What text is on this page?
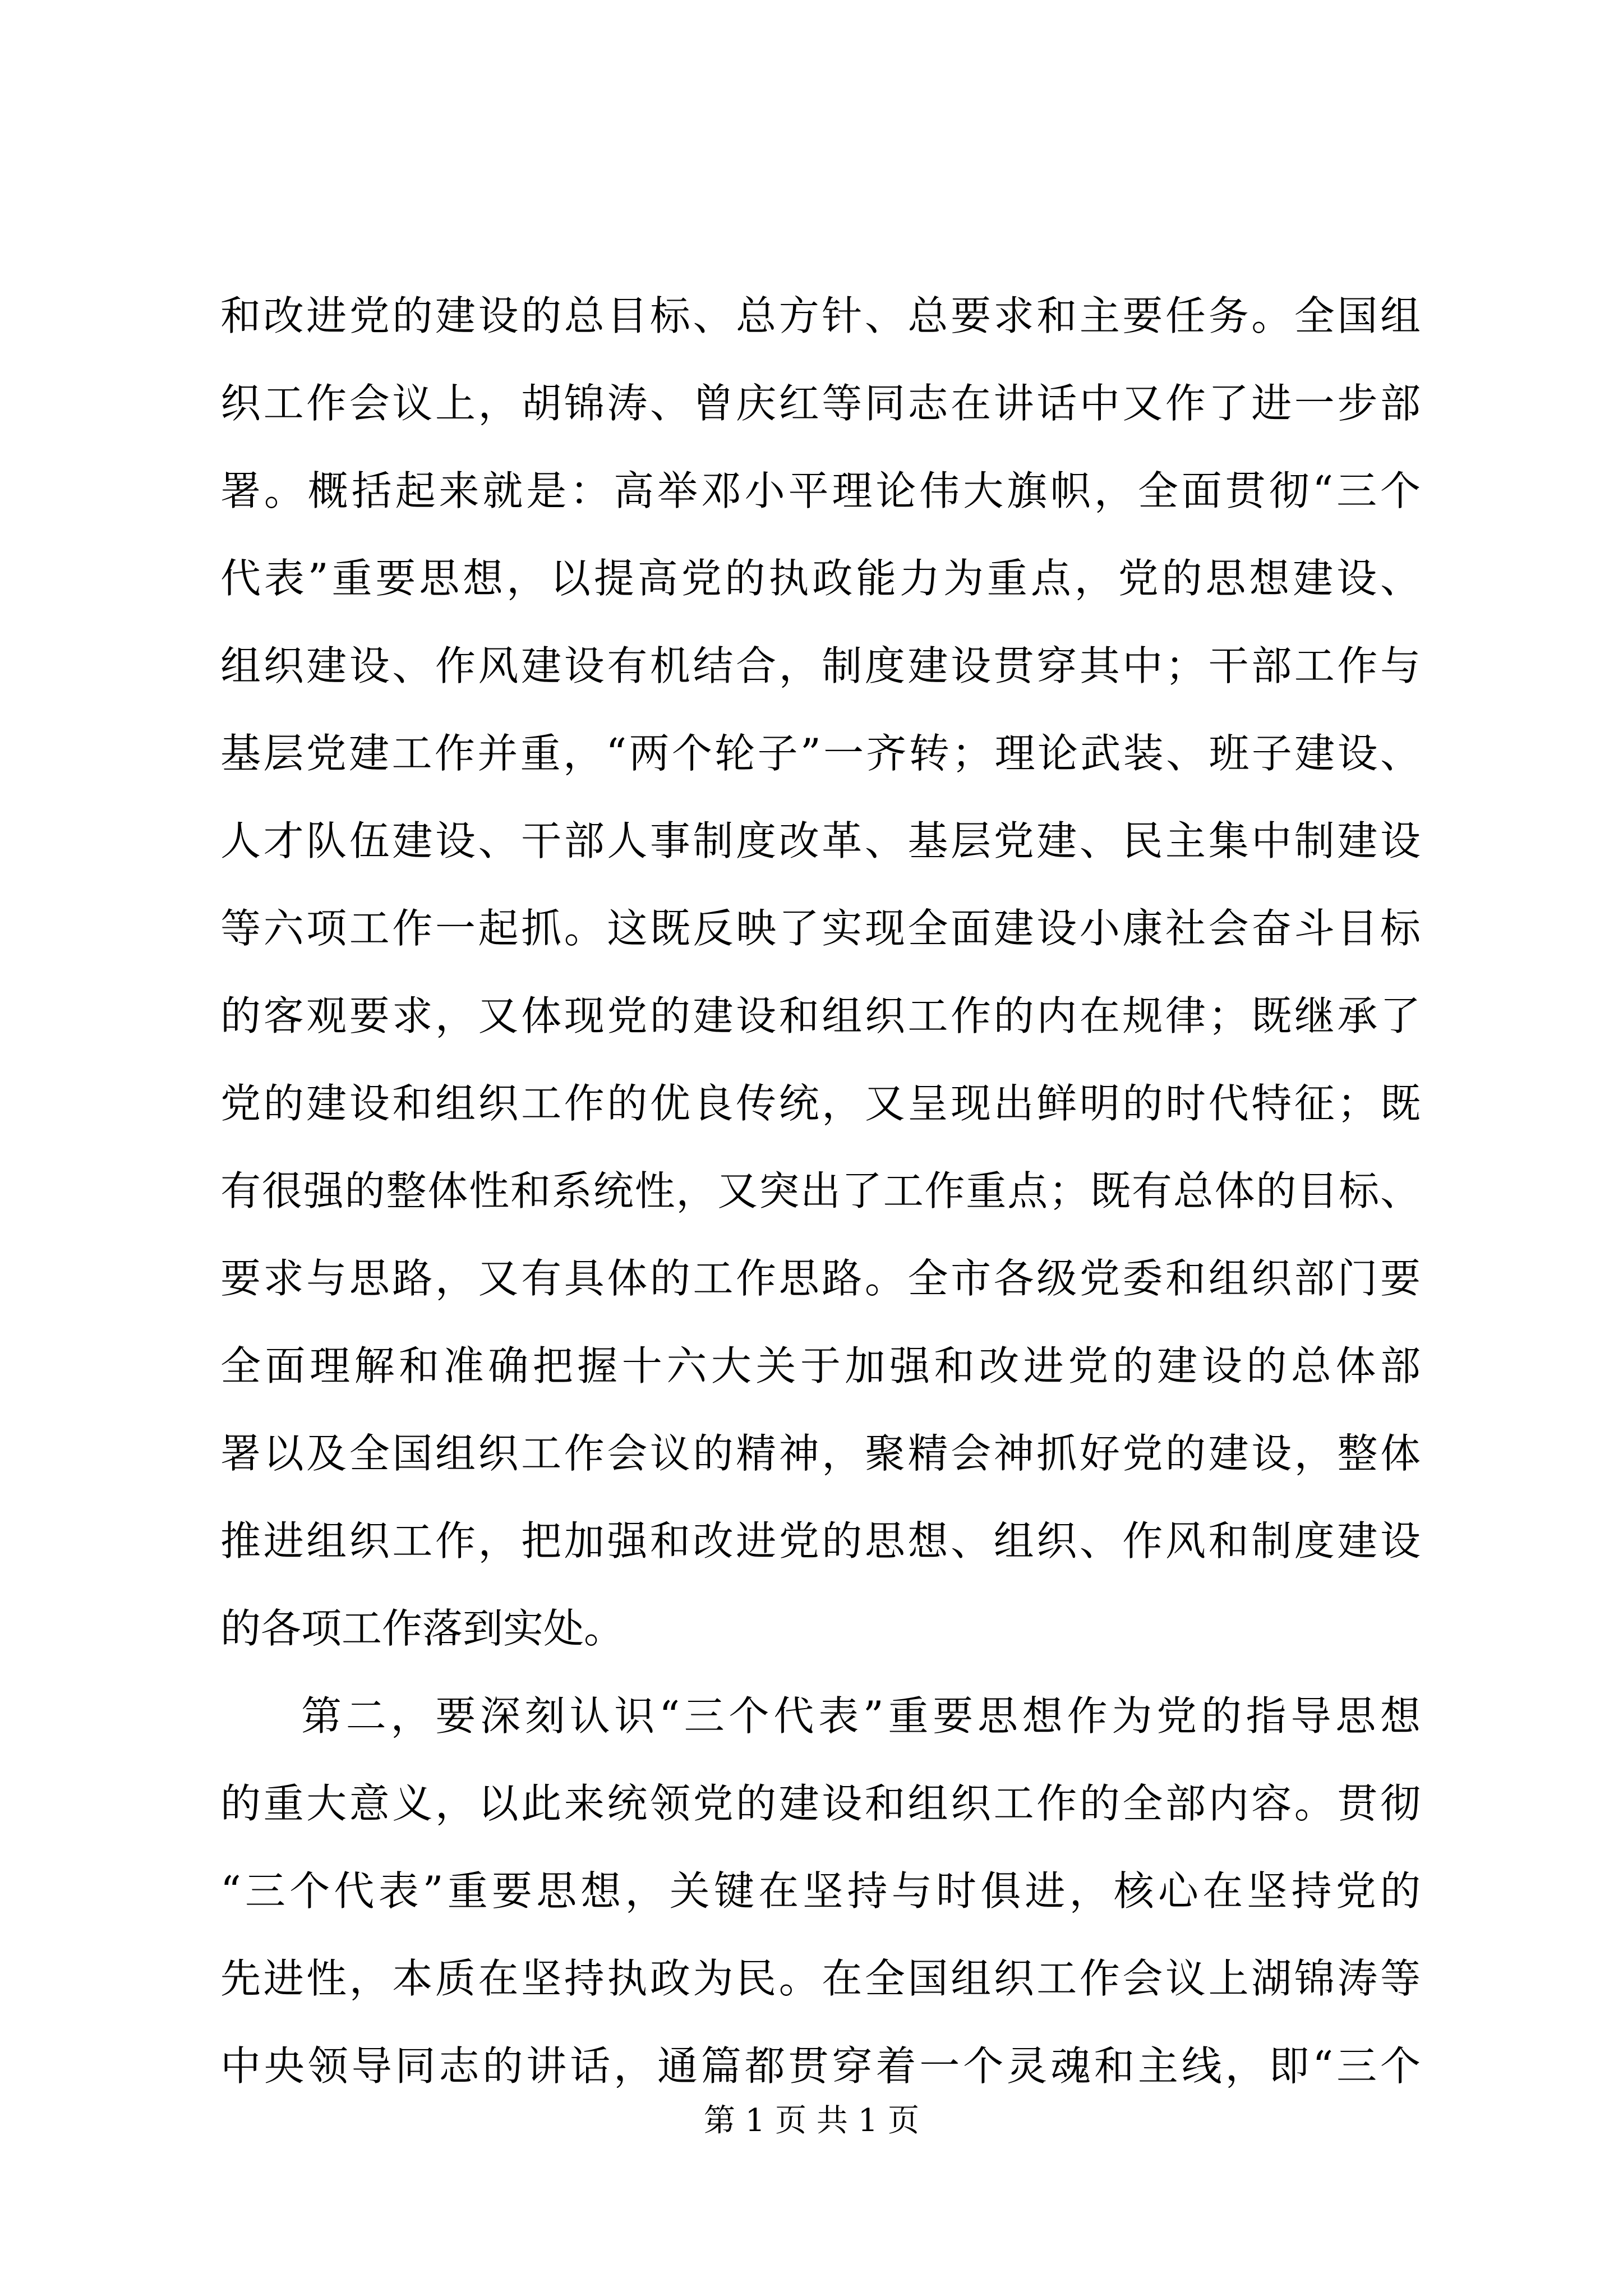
和改进党的建设的总目标、总方针、总要求和主要任务。全国组
织工作会议上，胡锦涛、曾庆红等同志在讲话中又作了进一步部
署。概括起来就是：高举邓小平理论伟大旗帜，全面贯彻“三个
代表”重要思想，以提高党的执政能力为重点，党的思想建设、
组织建设、作风建设有机结合，制度建设贯穿其中；干部工作与
基层党建工作并重，“两个轮子”一齐转；理论武装、班子建设、
人才队伍建设、干部人事制度改革、基层党建、民主集中制建设
等六项工作一起抓。这既反映了实现全面建设小康社会奋斗目标
的客观要求，又体现党的建设和组织工作的内在规律；既继承了
党的建设和组织工作的优良传统，又呈现出鲜明的时代特征；既
有很强的整体性和系统性，又突出了工作重点；既有总体的目标、
要求与思路，又有具体的工作思路。全市各级党委和组织部门要
全面理解和准确把握十六大关于加强和改进党的建设的总体部
署以及全国组织工作会议的精神，聚精会神抓好党的建设，整体
推进组织工作，把加强和改进党的思想、组织、作风和制度建设
的各项工作落到实处。
第二，要深刻认识“三个代表”重要思想作为党的指导思想
的重大意义，以此来统领党的建设和组织工作的全部内容。贯彻
“三个代表”重要思想，关键在坚持与时俱进，核心在坚持党的
先进性，本质在坚持执政为民。在全国组织工作会议上湖锦涛等
中央领导同志的讲话，通篇都贯穿着一个灵魂和主线，即“三个
第 1 页 共 1 页
